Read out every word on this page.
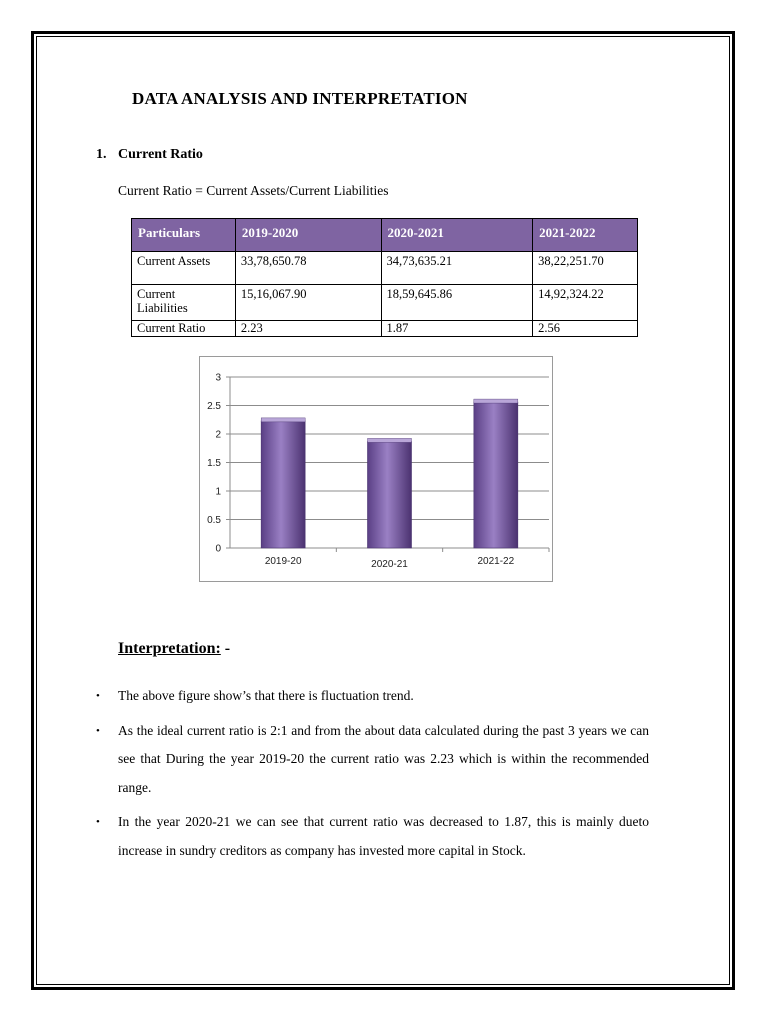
DATA ANALYSIS AND INTERPRETATION
1. Current Ratio
Current Ratio = Current Assets/Current Liabilities
Particulars	2019-2020	2020-2021	2021-2022
Current Assets	33,78,650.78	34,73,635.21	38,22,251.70
Current Liabilities	15,16,067.90	18,59,645.86	14,92,324.22
Current Ratio	2.23	1.87	2.56
0
0.5
1
1.5
2
2.5
3
2019-20	2020-21	2021-22
Interpretation: -
• The above figure show’s that there is fluctuation trend.
• As the ideal current ratio is 2:1 and from the about data calculated during the past 3 years we can see that During the year 2019-20 the current ratio was 2.23 which is within the recommended range.
• In the year 2020-21 we can see that current ratio was decreased to 1.87, this is mainly dueto increase in sundry creditors as company has invested more capital in Stock.
